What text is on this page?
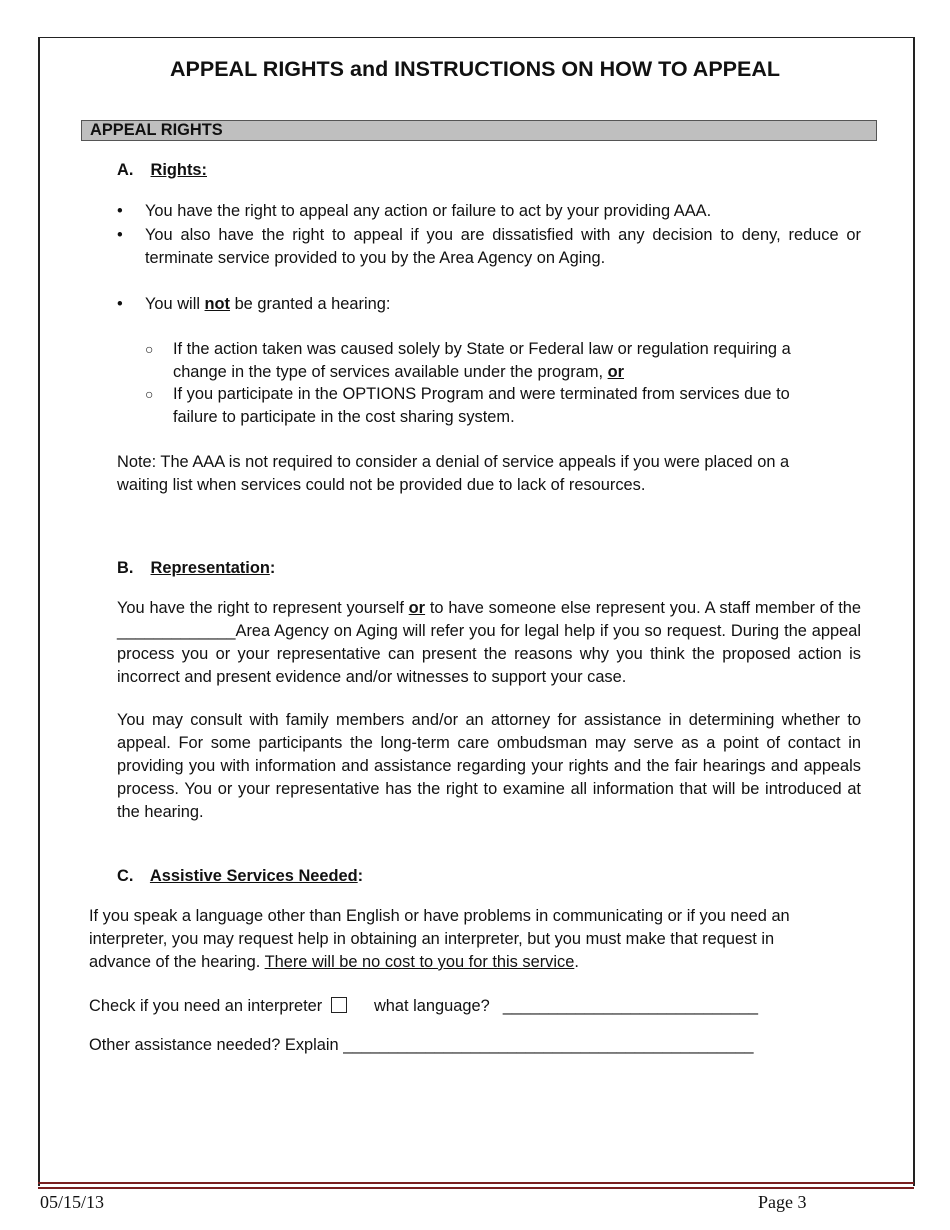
APPEAL RIGHTS and INSTRUCTIONS ON HOW TO APPEAL
APPEAL RIGHTS
A. Rights:
• You have the right to appeal any action or failure to act by your providing AAA.
• You also have the right to appeal if you are dissatisfied with any decision to deny, reduce or terminate service provided to you by the Area Agency on Aging.
• You will not be granted a hearing:
○ If the action taken was caused solely by State or Federal law or regulation requiring a change in the type of services available under the program, or
○ If you participate in the OPTIONS Program and were terminated from services due to failure to participate in the cost sharing system.
Note: The AAA is not required to consider a denial of service appeals if you were placed on a waiting list when services could not be provided due to lack of resources.
B. Representation:
You have the right to represent yourself or to have someone else represent you. A staff member of the _____________Area Agency on Aging will refer you for legal help if you so request. During the appeal process you or your representative can present the reasons why you think the proposed action is incorrect and present evidence and/or witnesses to support your case.
You may consult with family members and/or an attorney for assistance in determining whether to appeal. For some participants the long-term care ombudsman may serve as a point of contact in providing you with information and assistance regarding your rights and the fair hearings and appeals process. You or your representative has the right to examine all information that will be introduced at the hearing.
C. Assistive Services Needed:
If you speak a language other than English or have problems in communicating or if you need an interpreter, you may request help in obtaining an interpreter, but you must make that request in advance of the hearing. There will be no cost to you for this service.
Check if you need an interpreter	what language? ____________________________
Other assistance needed? Explain _____________________________________________
05/15/13	Page 3
